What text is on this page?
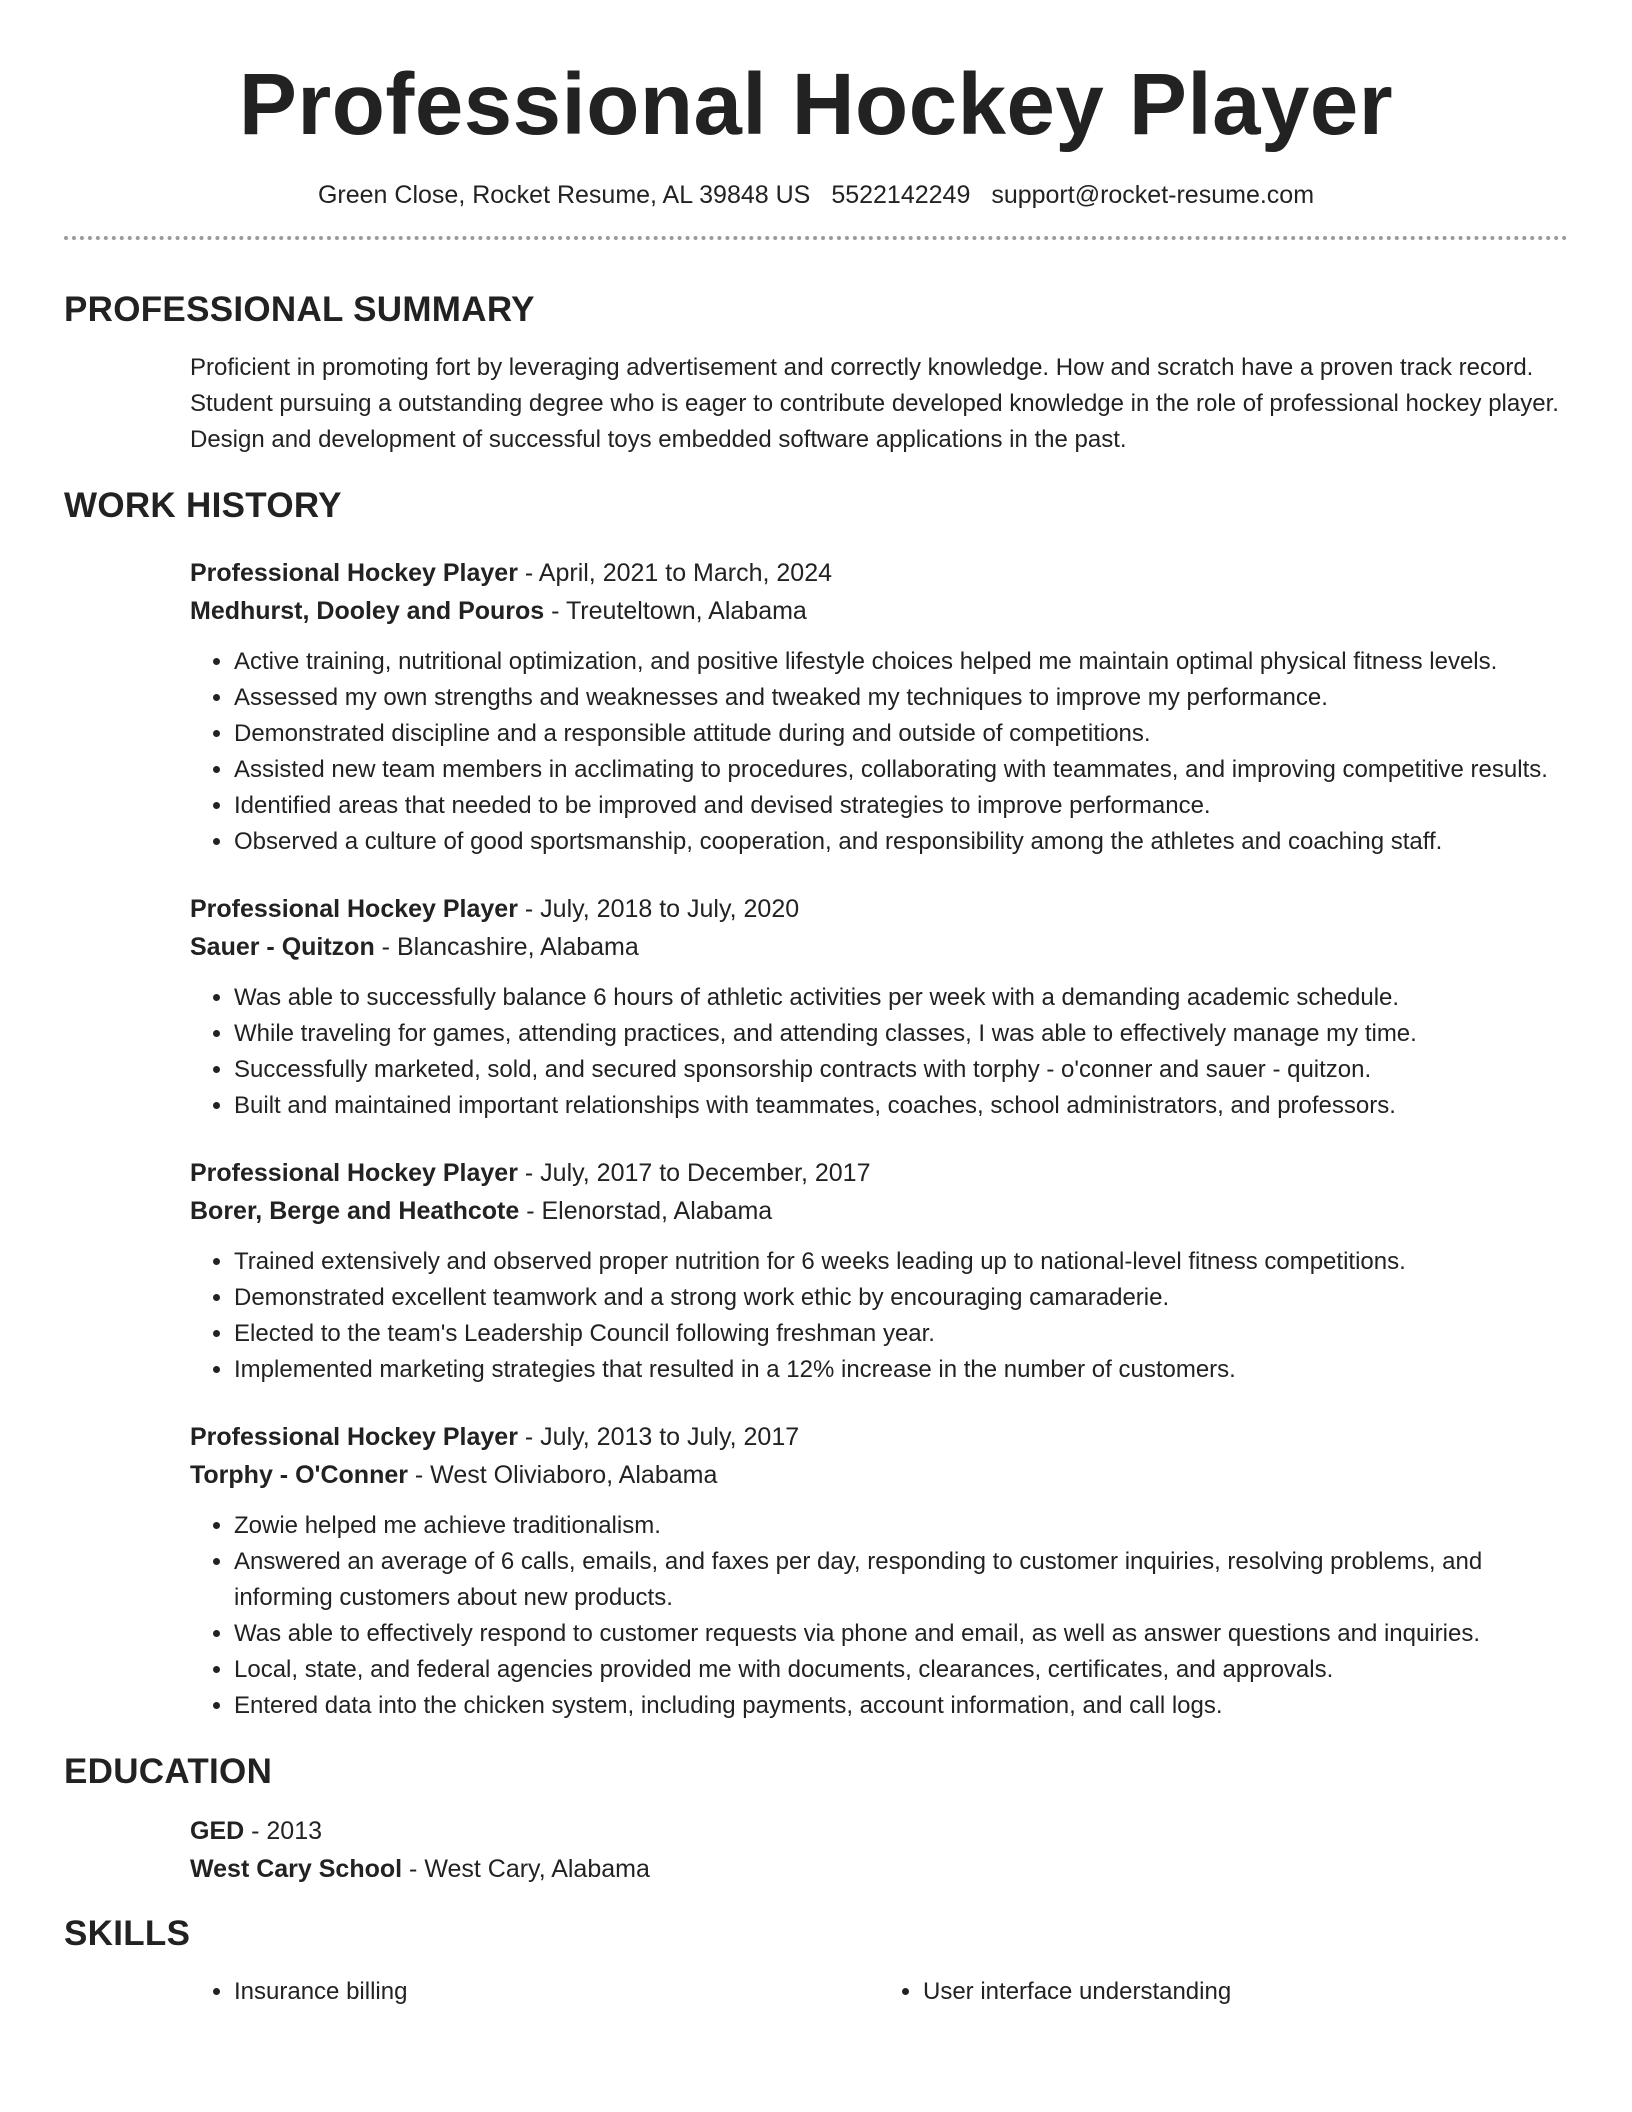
Professional Hockey Player
Green Close, Rocket Resume, AL 39848 US 5522142249 support@rocket-resume.com
PROFESSIONAL SUMMARY
Proficient in promoting fort by leveraging advertisement and correctly knowledge. How and scratch have a proven track record. Student pursuing a outstanding degree who is eager to contribute developed knowledge in the role of professional hockey player. Design and development of successful toys embedded software applications in the past.
WORK HISTORY
Professional Hockey Player - April, 2021 to March, 2024
Medhurst, Dooley and Pouros - Treuteltown, Alabama
• Active training, nutritional optimization, and positive lifestyle choices helped me maintain optimal physical fitness levels.
• Assessed my own strengths and weaknesses and tweaked my techniques to improve my performance.
• Demonstrated discipline and a responsible attitude during and outside of competitions.
• Assisted new team members in acclimating to procedures, collaborating with teammates, and improving competitive results.
• Identified areas that needed to be improved and devised strategies to improve performance.
• Observed a culture of good sportsmanship, cooperation, and responsibility among the athletes and coaching staff.
Professional Hockey Player - July, 2018 to July, 2020
Sauer - Quitzon - Blancashire, Alabama
• Was able to successfully balance 6 hours of athletic activities per week with a demanding academic schedule.
• While traveling for games, attending practices, and attending classes, I was able to effectively manage my time.
• Successfully marketed, sold, and secured sponsorship contracts with torphy - o'conner and sauer - quitzon.
• Built and maintained important relationships with teammates, coaches, school administrators, and professors.
Professional Hockey Player - July, 2017 to December, 2017
Borer, Berge and Heathcote - Elenorstad, Alabama
• Trained extensively and observed proper nutrition for 6 weeks leading up to national-level fitness competitions.
• Demonstrated excellent teamwork and a strong work ethic by encouraging camaraderie.
• Elected to the team's Leadership Council following freshman year.
• Implemented marketing strategies that resulted in a 12% increase in the number of customers.
Professional Hockey Player - July, 2013 to July, 2017
Torphy - O'Conner - West Oliviaboro, Alabama
• Zowie helped me achieve traditionalism.
• Answered an average of 6 calls, emails, and faxes per day, responding to customer inquiries, resolving problems, and informing customers about new products.
• Was able to effectively respond to customer requests via phone and email, as well as answer questions and inquiries.
• Local, state, and federal agencies provided me with documents, clearances, certificates, and approvals.
• Entered data into the chicken system, including payments, account information, and call logs.
EDUCATION
GED - 2013
West Cary School - West Cary, Alabama
SKILLS
• Insurance billing
•	User interface understanding
